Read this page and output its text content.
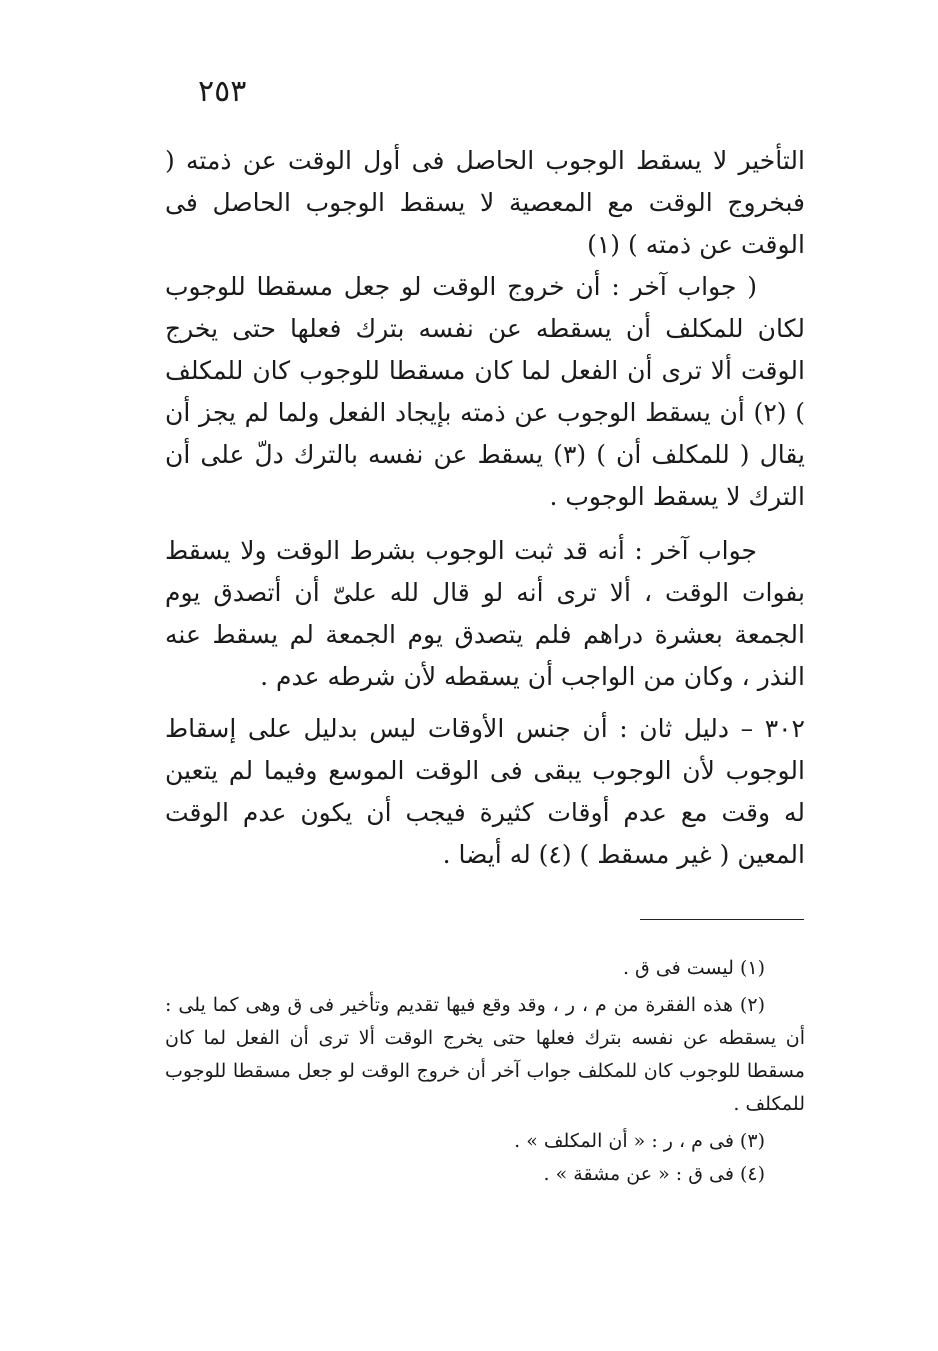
٢٥٣

التأخير لا يسقط الوجوب الحاصل فى أول الوقت عن ذمته ( فبخروج الوقت مع المعصية لا يسقط الوجوب الحاصل فى الوقت عن ذمته ) (١)

( جواب آخر : أن خروج الوقت لو جعل مسقطا للوجوب لكان للمكلف أن يسقطه عن نفسه بترك فعلها حتى يخرج الوقت ألا ترى أن الفعل لما كان مسقطا للوجوب كان للمكلف ) (٢) أن يسقط الوجوب عن ذمته بإيجاد الفعل ولما لم يجز أن يقال ( للمكلف أن ) (٣) يسقط عن نفسه بالترك دلّ على أن الترك لا يسقط الوجوب .

جواب آخر : أنه قد ثبت الوجوب بشرط الوقت ولا يسقط بفوات الوقت ، ألا ترى أنه لو قال لله علىّ أن أتصدق يوم الجمعة بعشرة دراهم فلم يتصدق يوم الجمعة لم يسقط عنه النذر ، وكان من الواجب أن يسقطه لأن شرطه عدم .

٣٠٢ – دليل ثان : أن جنس الأوقات ليس بدليل على إسقاط الوجوب لأن الوجوب يبقى فى الوقت الموسع وفيما لم يتعين له وقت مع عدم أوقات كثيرة فيجب أن يكون عدم الوقت المعين ( غير مسقط ) (٤) له أيضا .

(١) ليست فى ق .

(٢) هذه الفقرة من م ، ر ، وقد وقع فيها تقديم وتأخير فى ق وهى كما يلى : أن يسقطه عن نفسه بترك فعلها حتى يخرج الوقت ألا ترى أن الفعل لما كان مسقطا للوجوب كان للمكلف جواب آخر أن خروج الوقت لو جعل مسقطا للوجوب للمكلف .

(٣) فى م ، ر : « أن المكلف » .

(٤) فى ق : « عن مشقة » .
